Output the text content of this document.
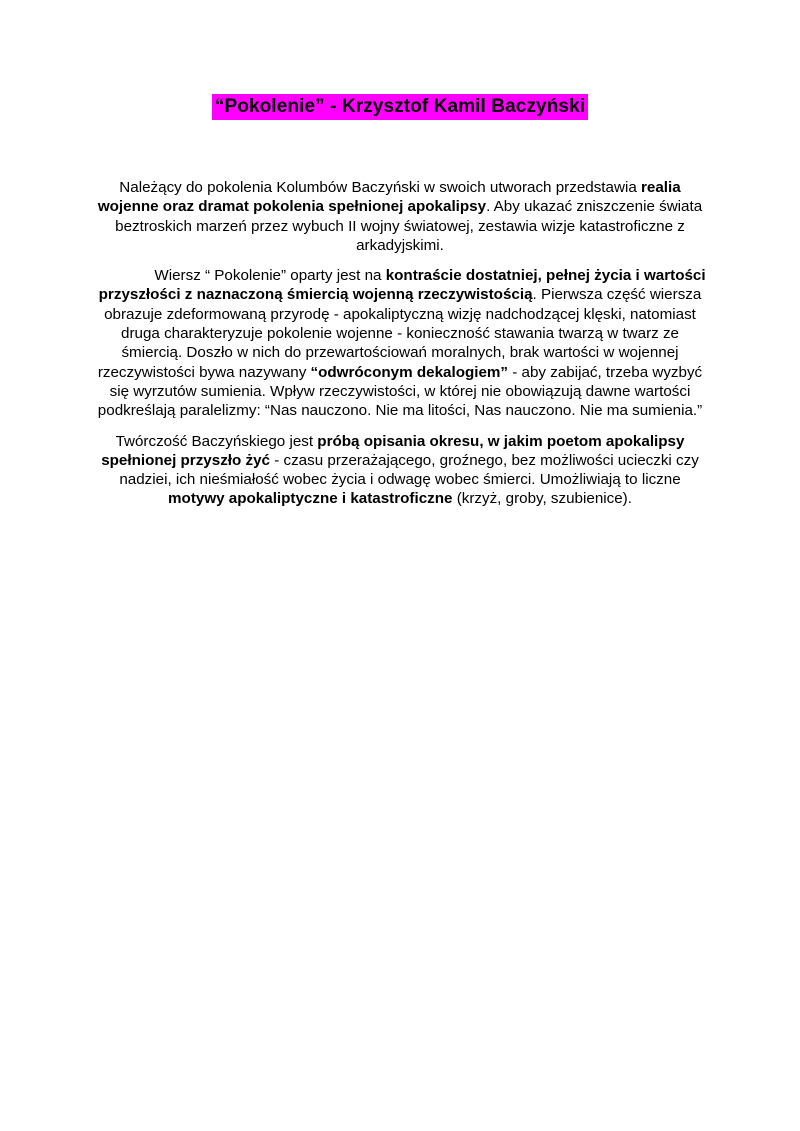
“Pokolenie” - Krzysztof Kamil Baczyński

Należący do pokolenia Kolumbów Baczyński w swoich utworach przedstawia realia wojenne oraz dramat pokolenia spełnionej apokalipsy. Aby ukazać zniszczenie świata beztroskich marzeń przez wybuch II wojny światowej, zestawia wizje katastroficzne z arkadyjskimi.

Wiersz “ Pokolenie” oparty jest na kontraście dostatniej, pełnej życia i wartości przyszłości z naznaczoną śmiercią wojenną rzeczywistością. Pierwsza część wiersza obrazuje zdeformowaną przyrodę - apokaliptyczną wizję nadchodzącej klęski, natomiast druga charakteryzuje pokolenie wojenne - konieczność stawania twarzą w twarz ze śmiercią. Doszło w nich do przewartościowań moralnych, brak wartości w wojennej rzeczywistości bywa nazywany “odwróconym dekalogiem” - aby zabijać, trzeba wyzbyć się wyrzutów sumienia. Wpływ rzeczywistości, w której nie obowiązują dawne wartości podkreślają paralelizmy: “Nas nauczono. Nie ma litości, Nas nauczono. Nie ma sumienia.”

Twórczość Baczyńskiego jest próbą opisania okresu, w jakim poetom apokalipsy spełnionej przyszło żyć - czasu przerażającego, groźnego, bez możliwości ucieczki czy nadziei, ich nieśmiałość wobec życia i odwagę wobec śmierci. Umożliwiają to liczne motywy apokaliptyczne i katastroficzne (krzyż, groby, szubienice).
